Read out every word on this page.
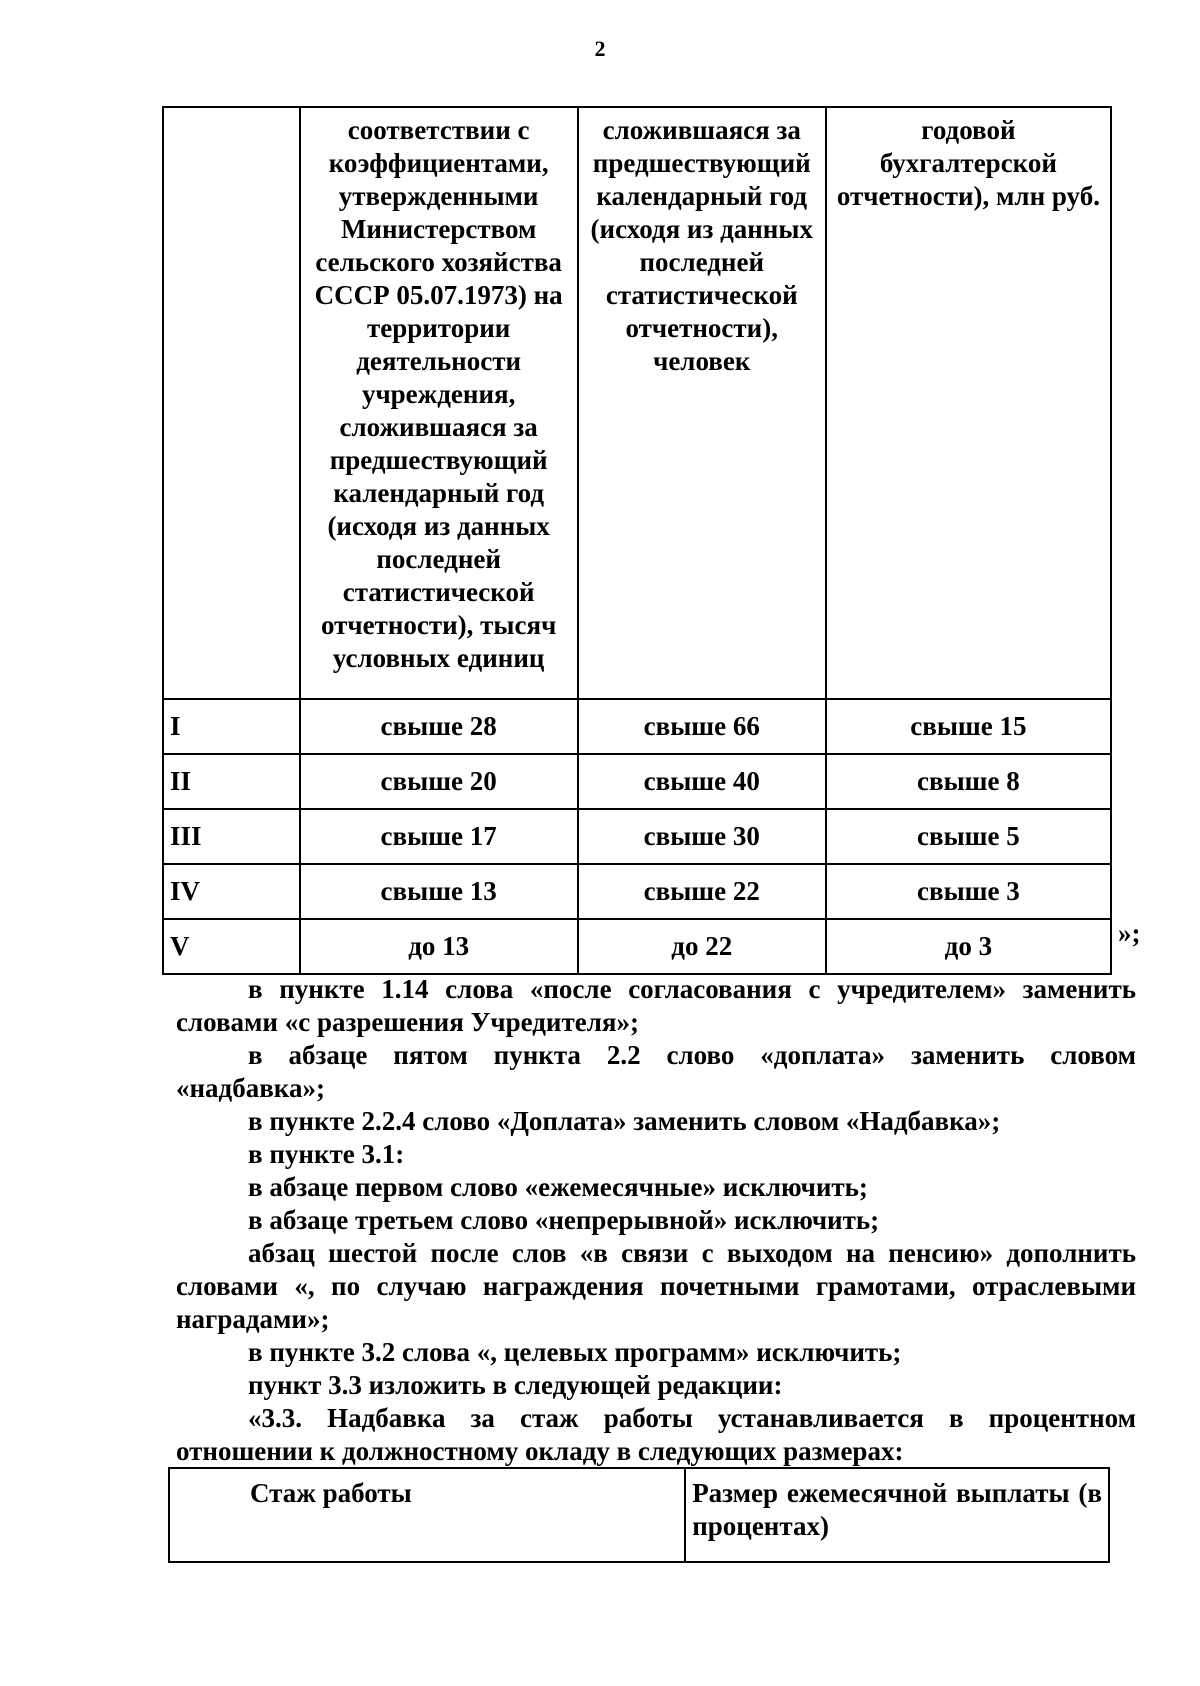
2

	соответствии с коэффициентами, утвержденными Министерством сельского хозяйства СССР 05.07.1973) на территории деятельности учреждения, сложившаяся за предшествующий календарный год (исходя из данных последней статистической отчетности), тысяч условных единиц	сложившаяся за предшествующий календарный год (исходя из данных последней статистической отчетности), человек	годовой бухгалтерской отчетности), млн руб.

I	свыше 28	свыше 66	свыше 15
II	свыше 20	свыше 40	свыше 8
III	свыше 17	свыше 30	свыше 5
IV	свыше 13	свыше 22	свыше 3
V	до 13	до 22	до 3	»;

в пункте 1.14 слова «после согласования с учредителем» заменить словами «с разрешения Учредителя»;

в абзаце пятом пункта 2.2 слово «доплата» заменить словом «надбавка»;

в пункте 2.2.4 слово «Доплата» заменить словом «Надбавка»;

в пункте 3.1:

в абзаце первом слово «ежемесячные» исключить;

в абзаце третьем слово «непрерывной» исключить;

абзац шестой после слов «в связи с выходом на пенсию» дополнить словами «, по случаю награждения почетными грамотами, отраслевыми наградами»;

в пункте 3.2 слова «, целевых программ» исключить;

пункт 3.3 изложить в следующей редакции:

«3.3. Надбавка за стаж работы устанавливается в процентном отношении к должностному окладу в следующих размерах:

Стаж работы	Размер ежемесячной выплаты (в процентах)
